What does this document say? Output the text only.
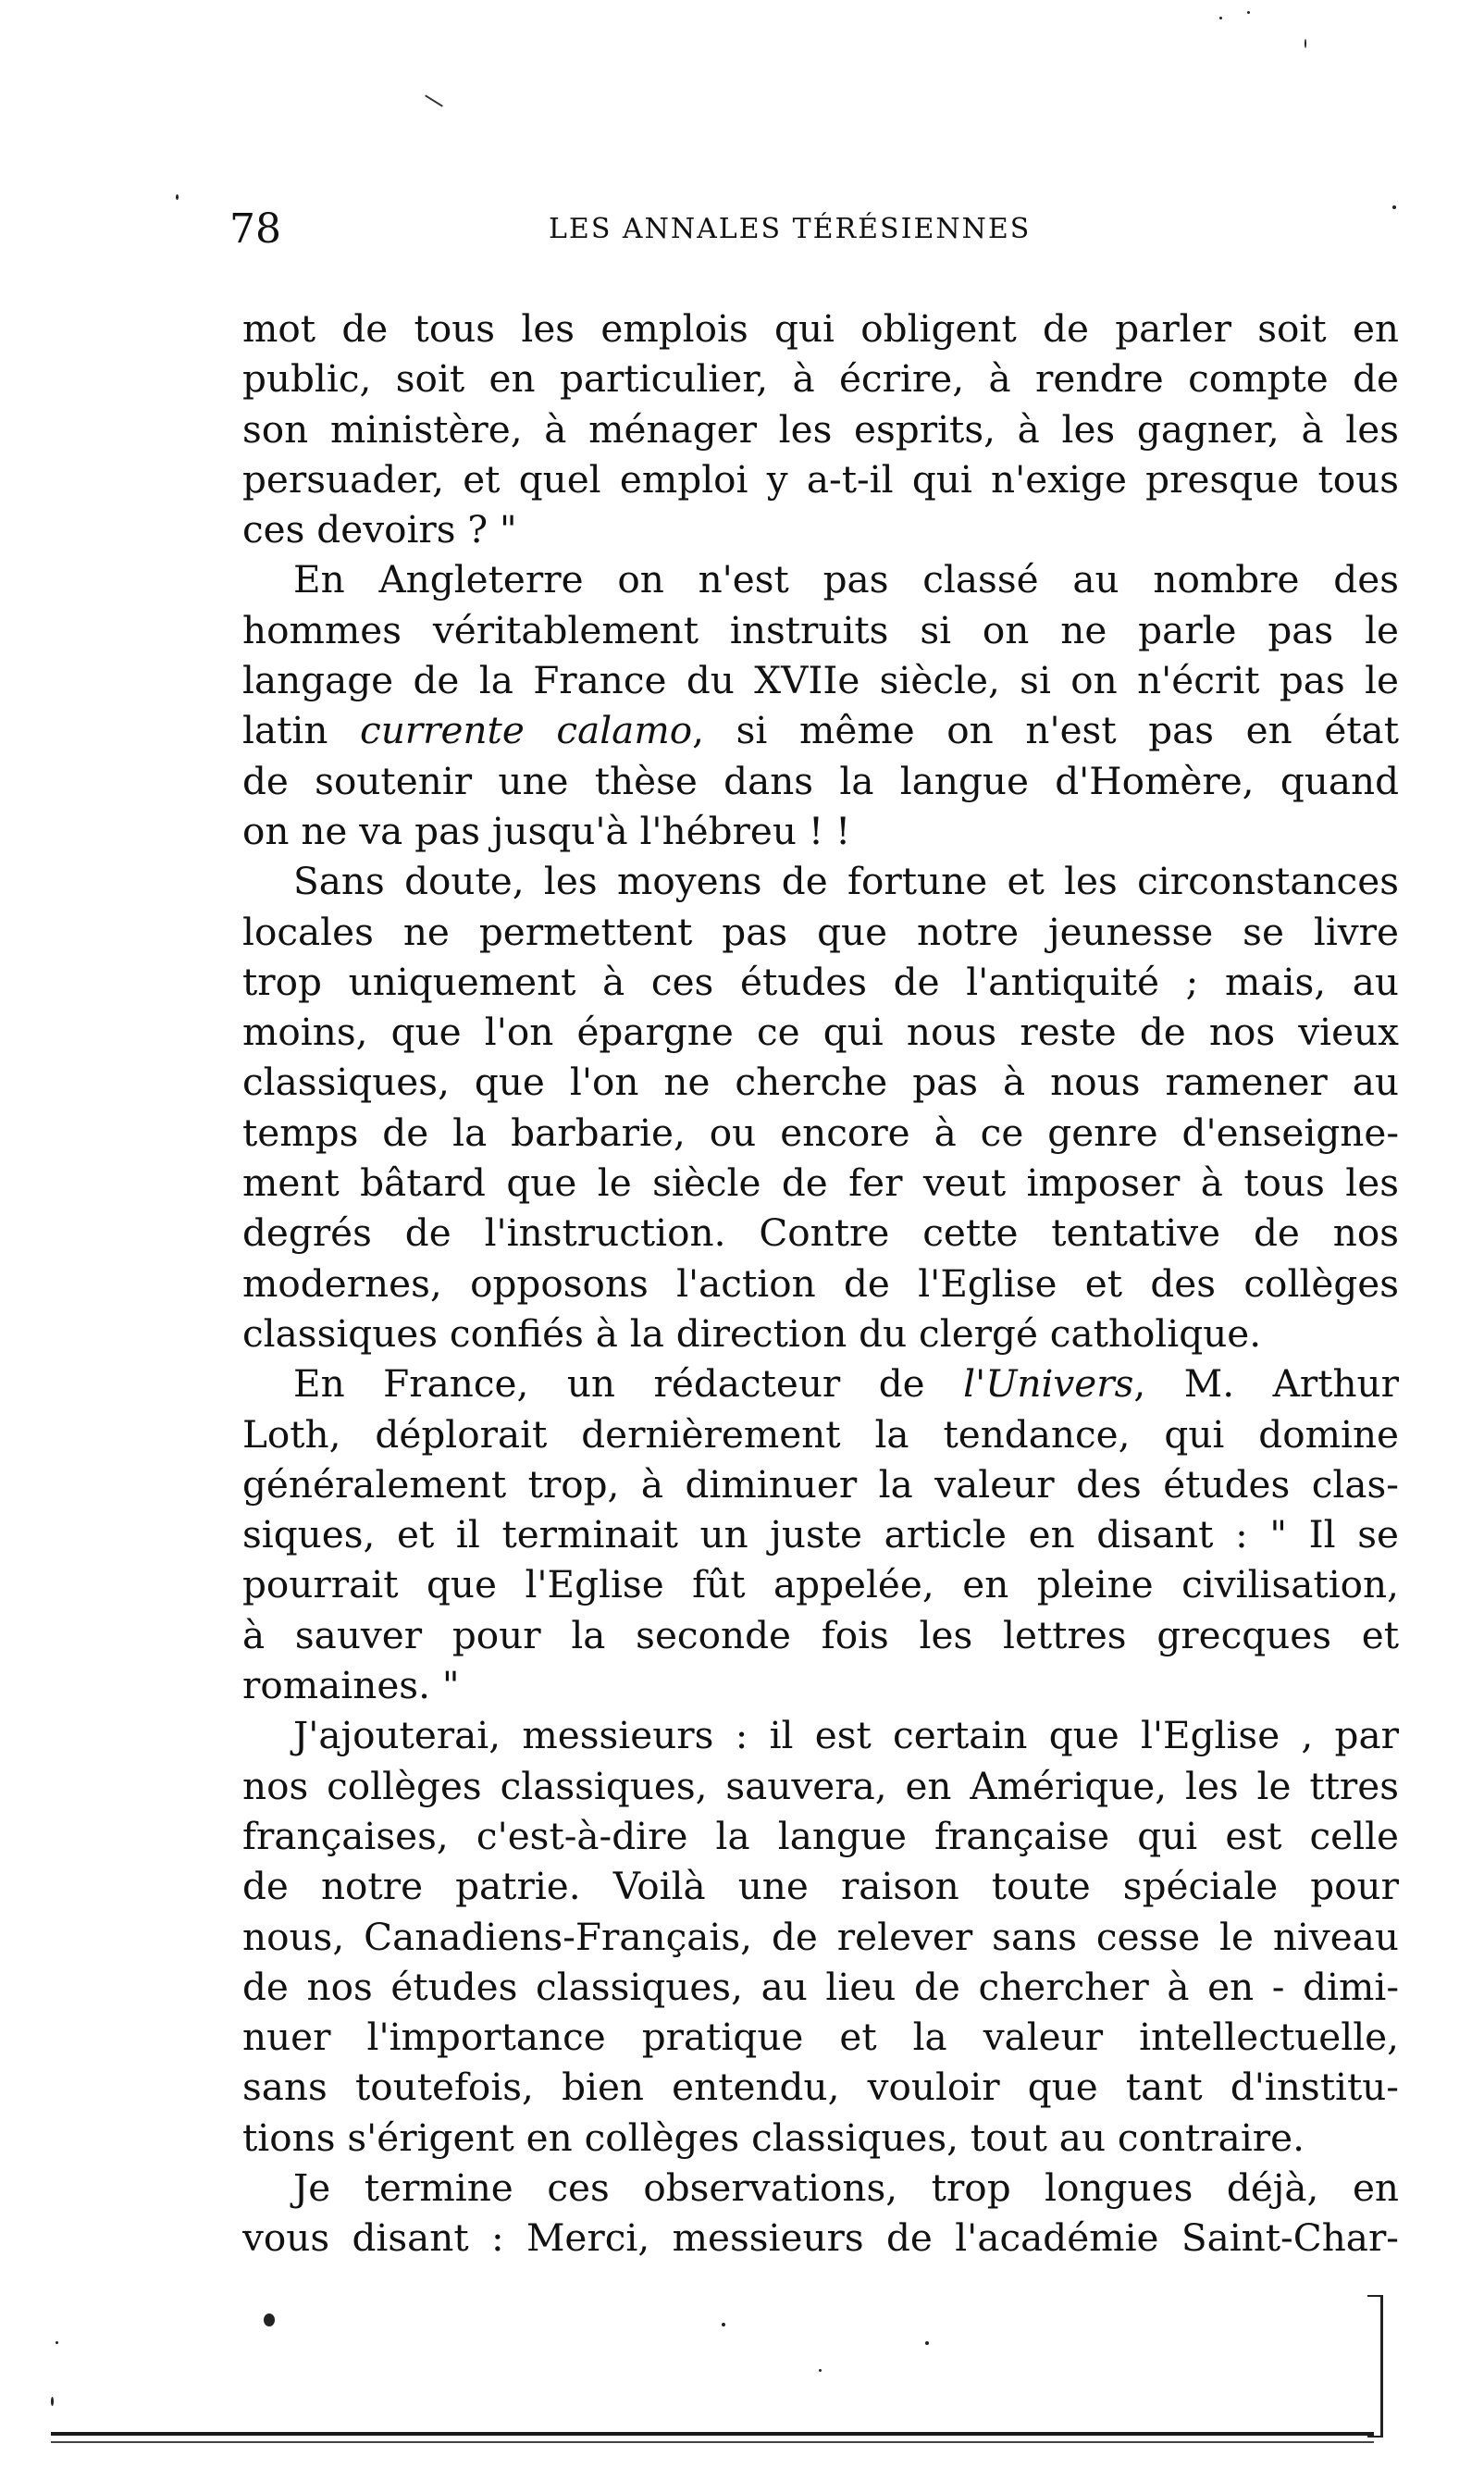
78	LES ANNALES TÉRÉSIENNES
mot de tous les emplois qui obligent de parler soit en
public, soit en particulier, à écrire, à rendre compte de
son ministère, à ménager les esprits, à les gagner, à les
persuader, et quel emploi y a-t-il qui n'exige presque tous
ces devoirs ? "
En Angleterre on n'est pas classé au nombre des
hommes véritablement instruits si on ne parle pas le
langage de la France du XVIIe siècle, si on n'écrit pas le
latin currente calamo, si même on n'est pas en état
de soutenir une thèse dans la langue d'Homère, quand
on ne va pas jusqu'à l'hébreu ! !
Sans doute, les moyens de fortune et les circonstances
locales ne permettent pas que notre jeunesse se livre
trop uniquement à ces études de l'antiquité ; mais, au
moins, que l'on épargne ce qui nous reste de nos vieux
classiques, que l'on ne cherche pas à nous ramener au
temps de la barbarie, ou encore à ce genre d'enseigne-
ment bâtard que le siècle de fer veut imposer à tous les
degrés de l'instruction. Contre cette tentative de nos
modernes, opposons l'action de l'Eglise et des collèges
classiques confiés à la direction du clergé catholique.
En France, un rédacteur de l'Univers, M. Arthur
Loth, déplorait dernièrement la tendance, qui domine
généralement trop, à diminuer la valeur des études clas-
siques, et il terminait un juste article en disant : " Il se
pourrait que l'Eglise fût appelée, en pleine civilisation,
à sauver pour la seconde fois les lettres grecques et
romaines. "
J'ajouterai, messieurs : il est certain que l'Eglise , par
nos collèges classiques, sauvera, en Amérique, les le ttres
françaises, c'est-à-dire la langue française qui est celle
de notre patrie. Voilà une raison toute spéciale pour
nous, Canadiens-Français, de relever sans cesse le niveau
de nos études classiques, au lieu de chercher à en - dimi-
nuer l'importance pratique et la valeur intellectuelle,
sans toutefois, bien entendu, vouloir que tant d'institu-
tions s'érigent en collèges classiques, tout au contraire.
Je termine ces observations, trop longues déjà, en
vous disant : Merci, messieurs de l'académie Saint-Char-
